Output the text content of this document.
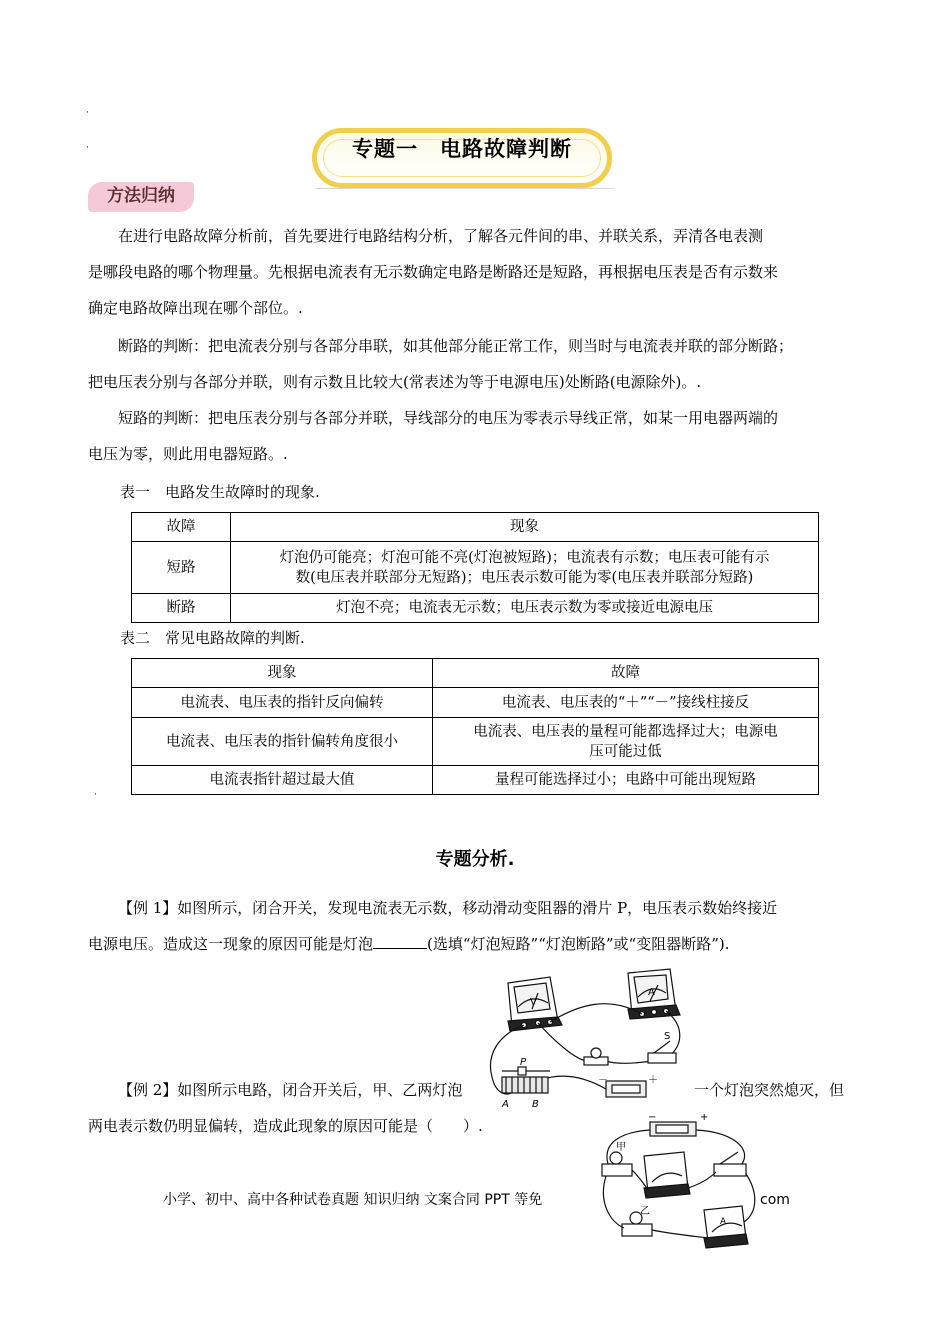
·
·
·
专题一　电路故障判断
方法归纳
在进行电路故障分析前，首先要进行电路结构分析，了解各元件间的串、并联关系，弄清各电表测
是哪段电路的哪个物理量。先根据电流表有无示数确定电路是断路还是短路，再根据电压表是否有示数来
确定电路故障出现在哪个部位。.
断路的判断：把电流表分别与各部分串联，如其他部分能正常工作，则当时与电流表并联的部分断路；
把电压表分别与各部分并联，则有示数且比较大(常表述为等于电源电压)处断路(电源除外)。.
短路的判断：把电压表分别与各部分并联，导线部分的电压为零表示导线正常，如某一用电器两端的
电压为零，则此用电器短路。.
表一　电路发生故障时的现象.
故障	现象
短路	灯泡仍可能亮；灯泡可能不亮(灯泡被短路)；电流表有示数；电压表可能有示
数(电压表并联部分无短路)；电压表示数可能为零(电压表并联部分短路)

断路	灯泡不亮；电流表无示数；电压表示数为零或接近电源电压
表二　常见电路故障的判断.
现象	故障
电流表、电压表的指针反向偏转	电流表、电压表的“＋”“－”接线柱接反
电流表、电压表的指针偏转角度很小	电流表、电压表的量程可能都选择过大；电源电
压可能过低

电流表指针超过最大值	量程可能选择过小；电路中可能出现短路
专题分析.
【例 1】如图所示，闭合开关，发现电流表无示数，移动滑动变阻器的滑片 P，电压表示数始终接近
电源电压。造成这一现象的原因可能是灯泡	(选填“灯泡短路”“灯泡断路”或“变阻器断路”).
V
A
S
P
A B
－	＋
【例 2】如图所示电路，闭合开关后，甲、乙两灯泡	一个灯泡突然熄灭，但
两电表示数仍明显偏转，造成此现象的原因可能是（　　）.
甲
乙
A
+
−
小学、初中、高中各种试卷真题 知识归纳 文案合同 PPT 等免	com
